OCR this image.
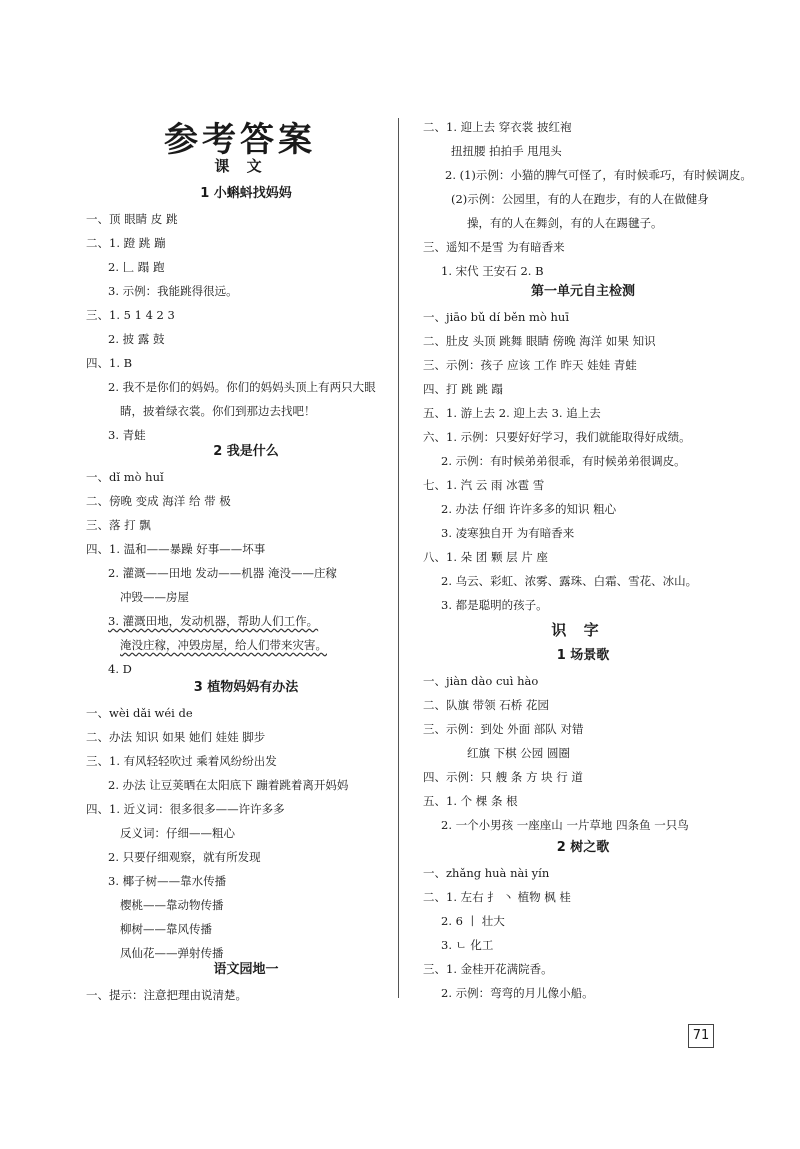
参考答案
课 文
1 小蝌蚪找妈妈
一、顶 眼睛 皮 跳
二、1. 蹬 跳 蹦
2. 𠃊 蹋 跑
3. 示例：我能跳得很远。
三、1. 5 1 4 2 3
2. 披 露 鼓
四、1. B
2. 我不是你们的妈妈。你们的妈妈头顶上有两只大眼
睛，披着绿衣裳。你们到那边去找吧！
3. 青蛙
2 我是什么
一、dǐ mò huǐ
二、傍晚 变成 海洋 给 带 极
三、落 打 飘
四、1. 温和——暴躁 好事——坏事
2. 灌溉——田地 发动——机器 淹没——庄稼
冲毁——房屋
3. 灌溉田地，发动机器，帮助人们工作。
淹没庄稼，冲毁房屋，给人们带来灾害。
4. D
3 植物妈妈有办法
一、wèi dǎi wéi de
二、办法 知识 如果 她们 娃娃 脚步
三、1. 有风轻轻吹过 乘着风纷纷出发
2. 办法 让豆荚晒在太阳底下 蹦着跳着离开妈妈
四、1. 近义词：很多很多——许许多多
反义词：仔细——粗心
2. 只要仔细观察，就有所发现
3. 椰子树——靠水传播
樱桃——靠动物传播
柳树——靠风传播
凤仙花——弹射传播
语文园地一
一、提示：注意把理由说清楚。
二、1. 迎上去 穿衣裳 披红袍
扭扭腰 拍拍手 甩甩头
2. (1)示例：小猫的脾气可怪了，有时候乖巧，有时候调皮。
(2)示例：公园里，有的人在跑步，有的人在做健身
操，有的人在舞剑，有的人在踢毽子。
三、遥知不是雪 为有暗香来
1. 宋代 王安石 2. B
第一单元自主检测
一、jiāo bǔ dí běn mò huī
二、肚皮 头顶 跳舞 眼睛 傍晚 海洋 如果 知识
三、示例：孩子 应该 工作 昨天 娃娃 青蛙
四、打 跳 跳 蹋
五、1. 游上去 2. 迎上去 3. 追上去
六、1. 示例：只要好好学习，我们就能取得好成绩。
2. 示例：有时候弟弟很乖，有时候弟弟很调皮。
七、1. 汽 云 雨 冰雹 雪
2. 办法 仔细 许许多多的知识 粗心
3. 凌寒独自开 为有暗香来
八、1. 朵 团 颗 层 片 座
2. 乌云、彩虹、浓雾、露珠、白霜、雪花、冰山。
3. 都是聪明的孩子。
识 字
1 场景歌
一、jiàn dào cuì hào
二、队旗 带领 石桥 花园
三、示例：到处 外面 部队 对错
红旗 下棋 公园 圆圈
四、示例：只 艘 条 方 块 行 道
五、1. 个 棵 条 根
2. 一个小男孩 一座座山 一片草地 四条鱼 一只鸟
2 树之歌
一、zhǎng huà nài yín
二、1. 左右 扌 丶 植物 枫 桂
2. 6 丨 壮大
3. ㄴ 化工
三、1. 金桂开花满院香。
2. 示例：弯弯的月儿像小船。
71
